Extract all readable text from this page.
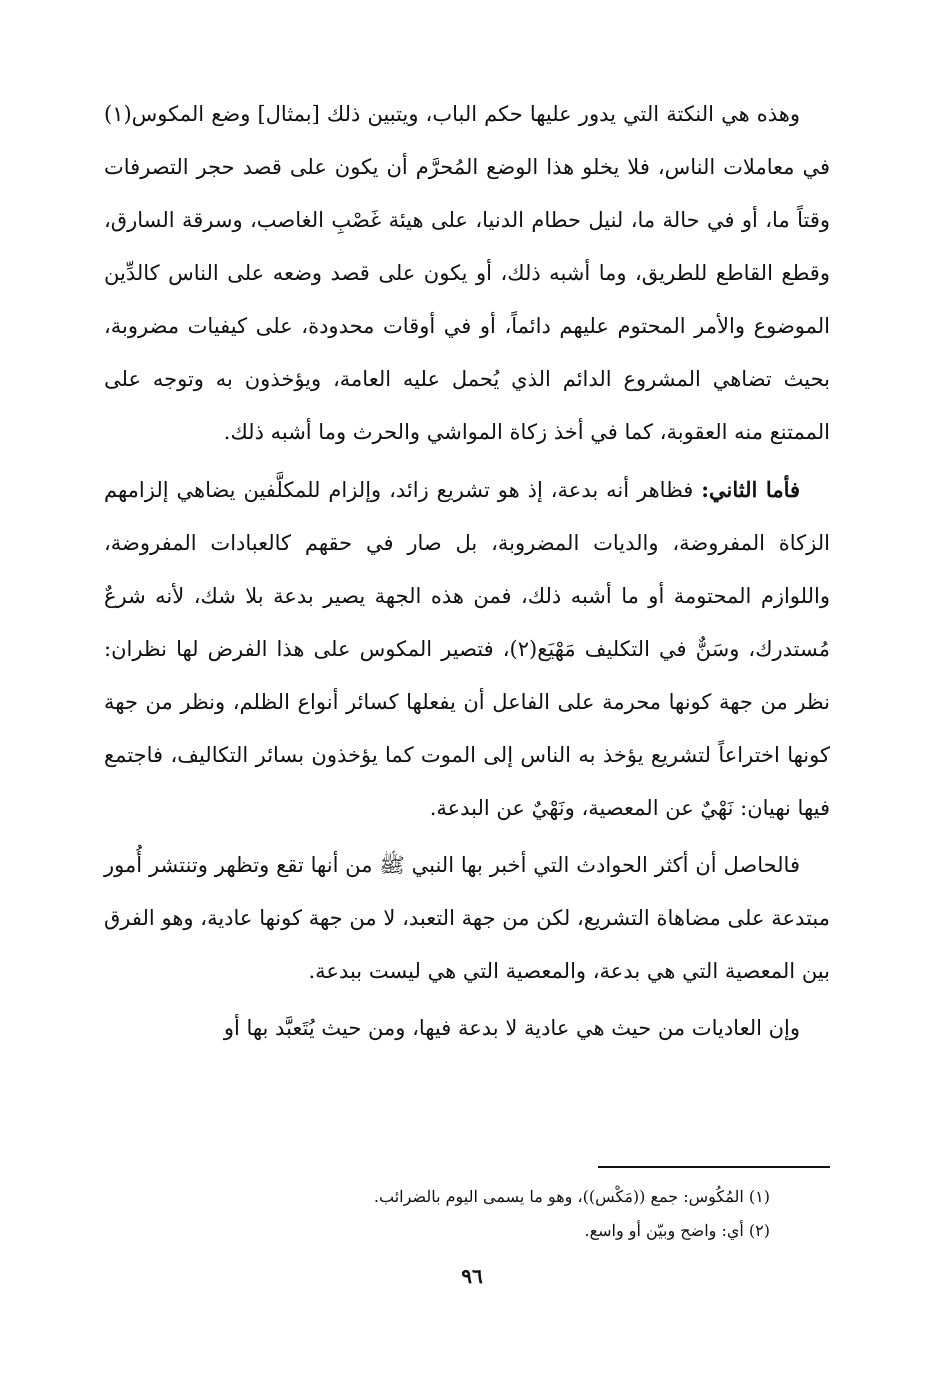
وهذه هي النكتة التي يدور عليها حكم الباب، ويتبين ذلك [بمثال] وضع المكوس(١) في معاملات الناس، فلا يخلو هذا الوضع المُحرَّم أن يكون على قصد حجر التصرفات وقتاً ما، أو في حالة ما، لنيل حطام الدنيا، على هيئة غَصْبِ الغاصب، وسرقة السارق، وقطع القاطع للطريق، وما أشبه ذلك، أو يكون على قصد وضعه على الناس كالدِّين الموضوع والأمر المحتوم عليهم دائماً، أو في أوقات محدودة، على كيفيات مضروبة، بحيث تضاهي المشروع الدائم الذي يُحمل عليه العامة، ويؤخذون به وتوجه على الممتنع منه العقوبة، كما في أخذ زكاة المواشي والحرث وما أشبه ذلك.

فأما الثاني: فظاهر أنه بدعة، إذ هو تشريع زائد، وإلزام للمكلَّفين يضاهي إلزامهم الزكاة المفروضة، والديات المضروبة، بل صار في حقهم كالعبادات المفروضة، واللوازم المحتومة أو ما أشبه ذلك، فمن هذه الجهة يصير بدعة بلا شك، لأنه شرعٌ مُستدرك، وسَنٌّ في التكليف مَهْيَع(٢)، فتصير المكوس على هذا الفرض لها نظران: نظر من جهة كونها محرمة على الفاعل أن يفعلها كسائر أنواع الظلم، ونظر من جهة كونها اختراعاً لتشريع يؤخذ به الناس إلى الموت كما يؤخذون بسائر التكاليف، فاجتمع فيها نهيان: نَهْيٌ عن المعصية، ونَهْيٌ عن البدعة.

فالحاصل أن أكثر الحوادث التي أخبر بها النبي ﷺ من أنها تقع وتظهر وتنتشر أُمور مبتدعة على مضاهاة التشريع، لكن من جهة التعبد، لا من جهة كونها عادية، وهو الفرق بين المعصية التي هي بدعة، والمعصية التي هي ليست ببدعة.

وإن العاديات من حيث هي عادية لا بدعة فيها، ومن حيث يُتَعبَّد بها أو

(١) المُكُوس: جمع ((مَكْس))، وهو ما يسمى اليوم بالضرائب.
(٢) أي: واضح وبيّن أو واسع.
٩٦
